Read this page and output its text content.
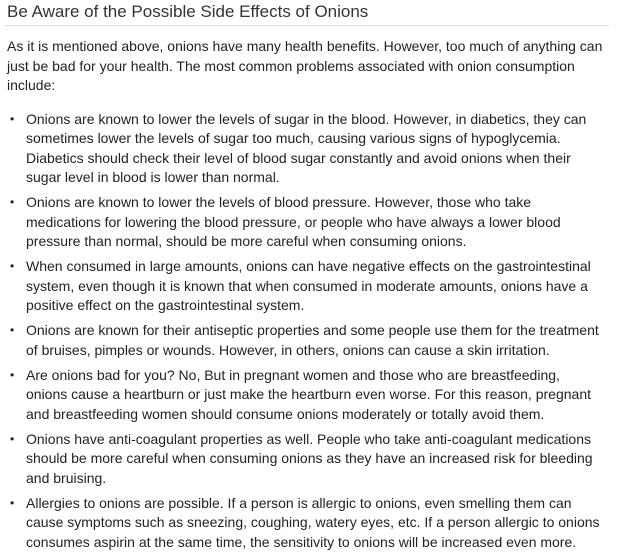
Be Aware of the Possible Side Effects of Onions

As it is mentioned above, onions have many health benefits. However, too much of anything can just be bad for your health. The most common problems associated with onion consumption include:

• Onions are known to lower the levels of sugar in the blood. However, in diabetics, they can sometimes lower the levels of sugar too much, causing various signs of hypoglycemia. Diabetics should check their level of blood sugar constantly and avoid onions when their sugar level in blood is lower than normal.
• Onions are known to lower the levels of blood pressure. However, those who take medications for lowering the blood pressure, or people who have always a lower blood pressure than normal, should be more careful when consuming onions.
• When consumed in large amounts, onions can have negative effects on the gastrointestinal system, even though it is known that when consumed in moderate amounts, onions have a positive effect on the gastrointestinal system.
• Onions are known for their antiseptic properties and some people use them for the treatment of bruises, pimples or wounds. However, in others, onions can cause a skin irritation.
• Are onions bad for you? No, But in pregnant women and those who are breastfeeding, onions cause a heartburn or just make the heartburn even worse. For this reason, pregnant and breastfeeding women should consume onions moderately or totally avoid them.
• Onions have anti-coagulant properties as well. People who take anti-coagulant medications should be more careful when consuming onions as they have an increased risk for bleeding and bruising.
• Allergies to onions are possible. If a person is allergic to onions, even smelling them can cause symptoms such as sneezing, coughing, watery eyes, etc. If a person allergic to onions consumes aspirin at the same time, the sensitivity to onions will be increased even more.
